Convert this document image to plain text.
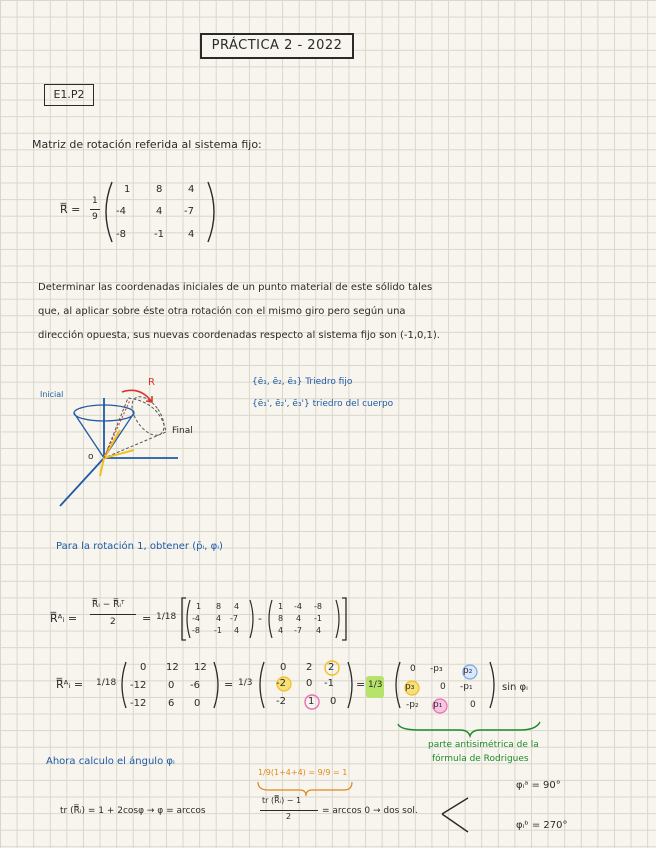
PRÁCTICA 2 - 2022
E1.P2
Matriz de rotación referida al sistema fijo:
R̿ =
1
9
1	8	4
-4	4 -7
-8	-1 4
Determinar las coordenadas iniciales de un punto material de este sólido tales
que, al aplicar sobre éste otra rotación con el mismo giro pero según una
dirección opuesta, sus nuevas coordenadas respecto al sistema fijo son (-1,0,1).
Inicial
Final
R
o
{ē₁, ē₂, ē₃} Triedro fijo
{ē₁', ē₂', ē₃'} triedro del cuerpo
Para la rotación 1, obtener (p̄ᵢ, φᵢ)
R̿ᴬᵢ =
R̿ᵢ − R̿ᵢᵀ
2 = 1/18
1 8 4
-4 4 -7
-8 -1 4
-
1 -4 -8
8 4 -1
4 -7 4
R̿ᴬᵢ = 1/18
0 12 12
-12 0 -6
-12 6 0
= 1/3
0 2 2
-2 0 -1
-2 1 0
= 1/3
0 -p₃ p₂
p₃	0 -p₁
-p₂ p₁	0
sin φᵢ
parte antisimétrica de la
fórmula de Rodrigues
Ahora calculo el ángulo φᵢ
1/9(1+4+4) = 9/9 = 1
tr (R̿ᵢ) = 1 + 2cosφ → φ = arccos
tr (R̿ᵢ) − 1
2
= arccos 0 → dos sol.
φᵢᵃ = 90°
φᵢᵇ = 270°
